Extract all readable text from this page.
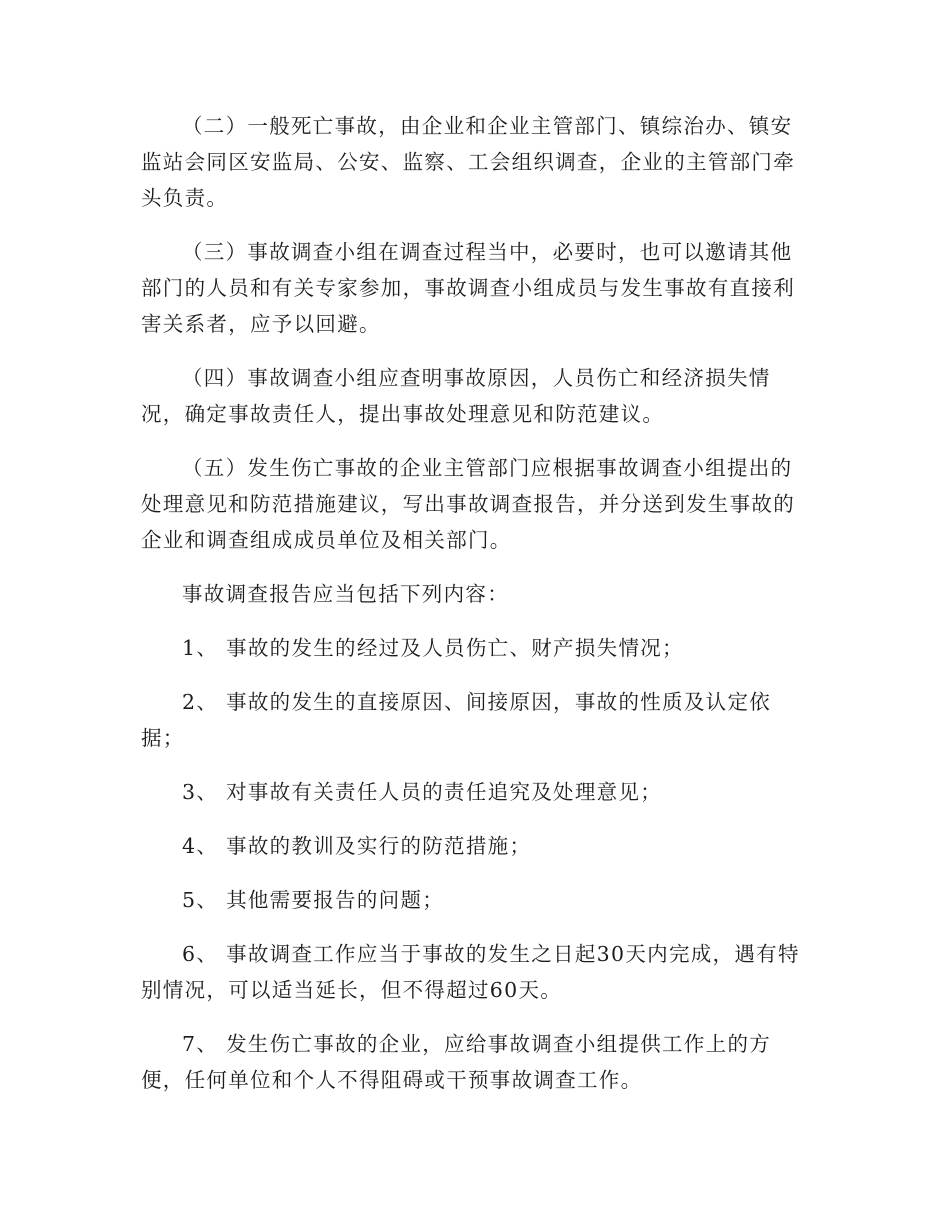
（二）一般死亡事故，由企业和企业主管部门、镇综治办、镇安监站会同区安监局、公安、监察、工会组织调查，企业的主管部门牵头负责。

（三）事故调查小组在调查过程当中，必要时，也可以邀请其他部门的人员和有关专家参加，事故调查小组成员与发生事故有直接利害关系者，应予以回避。

（四）事故调查小组应查明事故原因，人员伤亡和经济损失情况，确定事故责任人，提出事故处理意见和防范建议。

（五）发生伤亡事故的企业主管部门应根据事故调查小组提出的处理意见和防范措施建议，写出事故调查报告，并分送到发生事故的企业和调查组成成员单位及相关部门。

事故调查报告应当包括下列内容：

1、 事故的发生的经过及人员伤亡、财产损失情况；

2、 事故的发生的直接原因、间接原因，事故的性质及认定依据；

3、 对事故有关责任人员的责任追究及处理意见；

4、 事故的教训及实行的防范措施；

5、 其他需要报告的问题；

6、 事故调查工作应当于事故的发生之日起30天内完成，遇有特别情况，可以适当延长，但不得超过60天。

7、 发生伤亡事故的企业，应给事故调查小组提供工作上的方便，任何单位和个人不得阻碍或干预事故调查工作。
